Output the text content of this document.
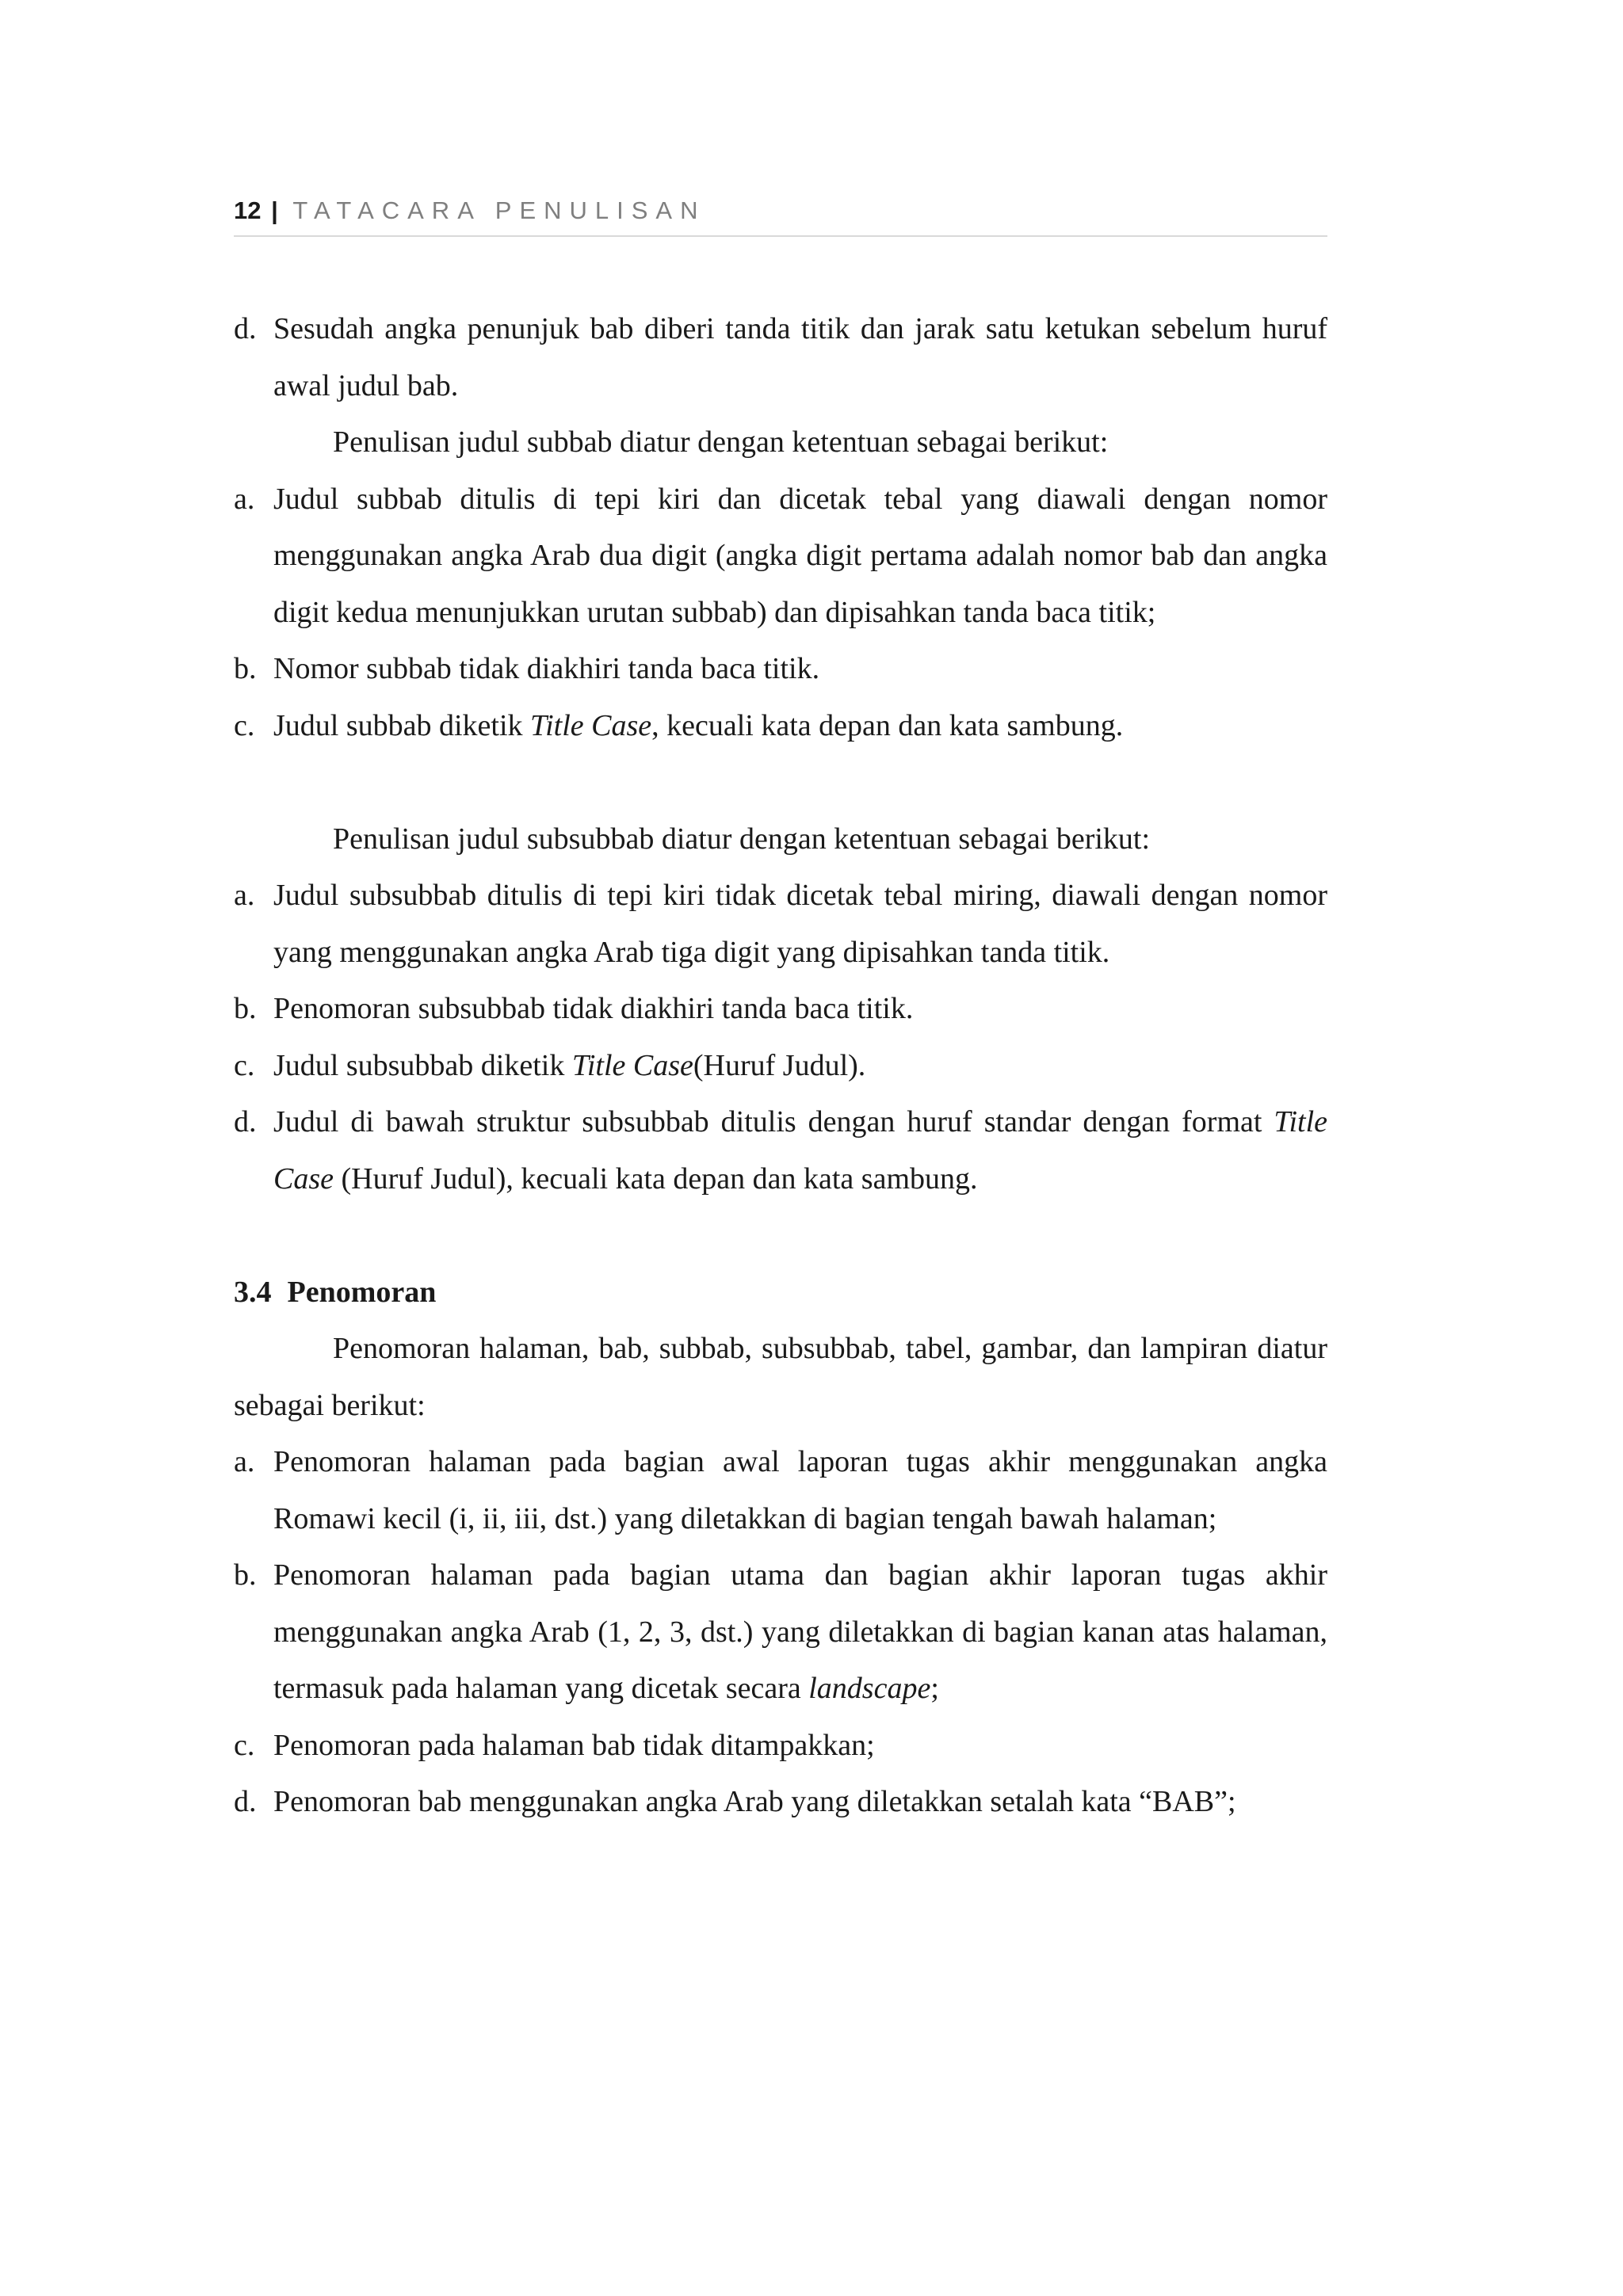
12 | TATACARA PENULISAN
d. Sesudah angka penunjuk bab diberi tanda titik dan jarak satu ketukan sebelum huruf awal judul bab.

Penulisan judul subbab diatur dengan ketentuan sebagai berikut:

a. Judul subbab ditulis di tepi kiri dan dicetak tebal yang diawali dengan nomor menggunakan angka Arab dua digit (angka digit pertama adalah nomor bab dan angka digit kedua menunjukkan urutan subbab) dan dipisahkan tanda baca titik;
b. Nomor subbab tidak diakhiri tanda baca titik.
c. Judul subbab diketik Title Case, kecuali kata depan dan kata sambung.

Penulisan judul subsubbab diatur dengan ketentuan sebagai berikut:

a. Judul subsubbab ditulis di tepi kiri tidak dicetak tebal miring, diawali dengan nomor yang menggunakan angka Arab tiga digit yang dipisahkan tanda titik.
b. Penomoran subsubbab tidak diakhiri tanda baca titik.
c. Judul subsubbab diketik Title Case(Huruf Judul).
d. Judul di bawah struktur subsubbab ditulis dengan huruf standar dengan format Title Case (Huruf Judul), kecuali kata depan dan kata sambung.

3.4 Penomoran

Penomoran halaman, bab, subbab, subsubbab, tabel, gambar, dan lampiran diatur sebagai berikut:

a. Penomoran halaman pada bagian awal laporan tugas akhir menggunakan angka Romawi kecil (i, ii, iii, dst.) yang diletakkan di bagian tengah bawah halaman;
b. Penomoran halaman pada bagian utama dan bagian akhir laporan tugas akhir menggunakan angka Arab (1, 2, 3, dst.) yang diletakkan di bagian kanan atas halaman, termasuk pada halaman yang dicetak secara landscape;
c. Penomoran pada halaman bab tidak ditampakkan;
d. Penomoran bab menggunakan angka Arab yang diletakkan setalah kata “BAB”;
